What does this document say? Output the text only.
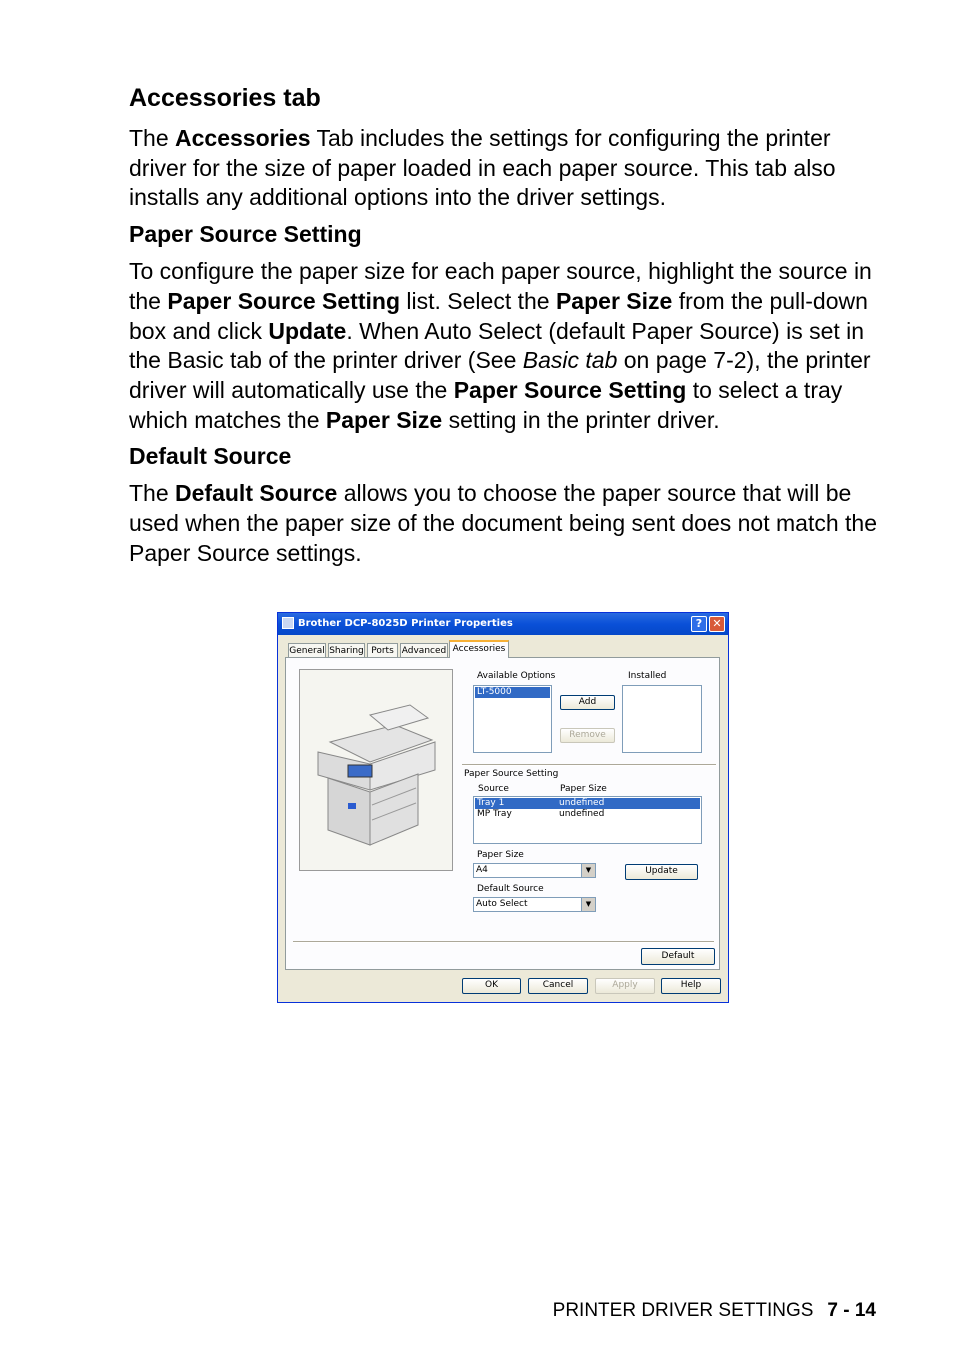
Accessories tab
The Accessories Tab includes the settings for configuring the printer driver for the size of paper loaded in each paper source. This tab also installs any additional options into the driver settings.
Paper Source Setting
To configure the paper size for each paper source, highlight the source in the Paper Source Setting list. Select the Paper Size from the pull-down box and click Update. When Auto Select (default Paper Source) is set in the Basic tab of the printer driver (See Basic tab on page 7-2), the printer driver will automatically use the Paper Source Setting to select a tray which matches the Paper Size setting in the printer driver.
Default Source
The Default Source allows you to choose the paper source that will be used when the paper size of the document being sent does not match the Paper Source settings.
Brother DCP-8025D Printer Properties	? ✕
General Sharing Ports Advanced Accessories
Available Options
LT-5000
Installed
Add
Remove
Paper Source Setting
Source	Paper Size
Tray 1	undefined
MP Tray	undefined
Paper Size
A4	▼	Update
Default Source
Auto Select	▼
Default
OK	Cancel	Apply	Help
PRINTER DRIVER SETTINGS 7 - 14
